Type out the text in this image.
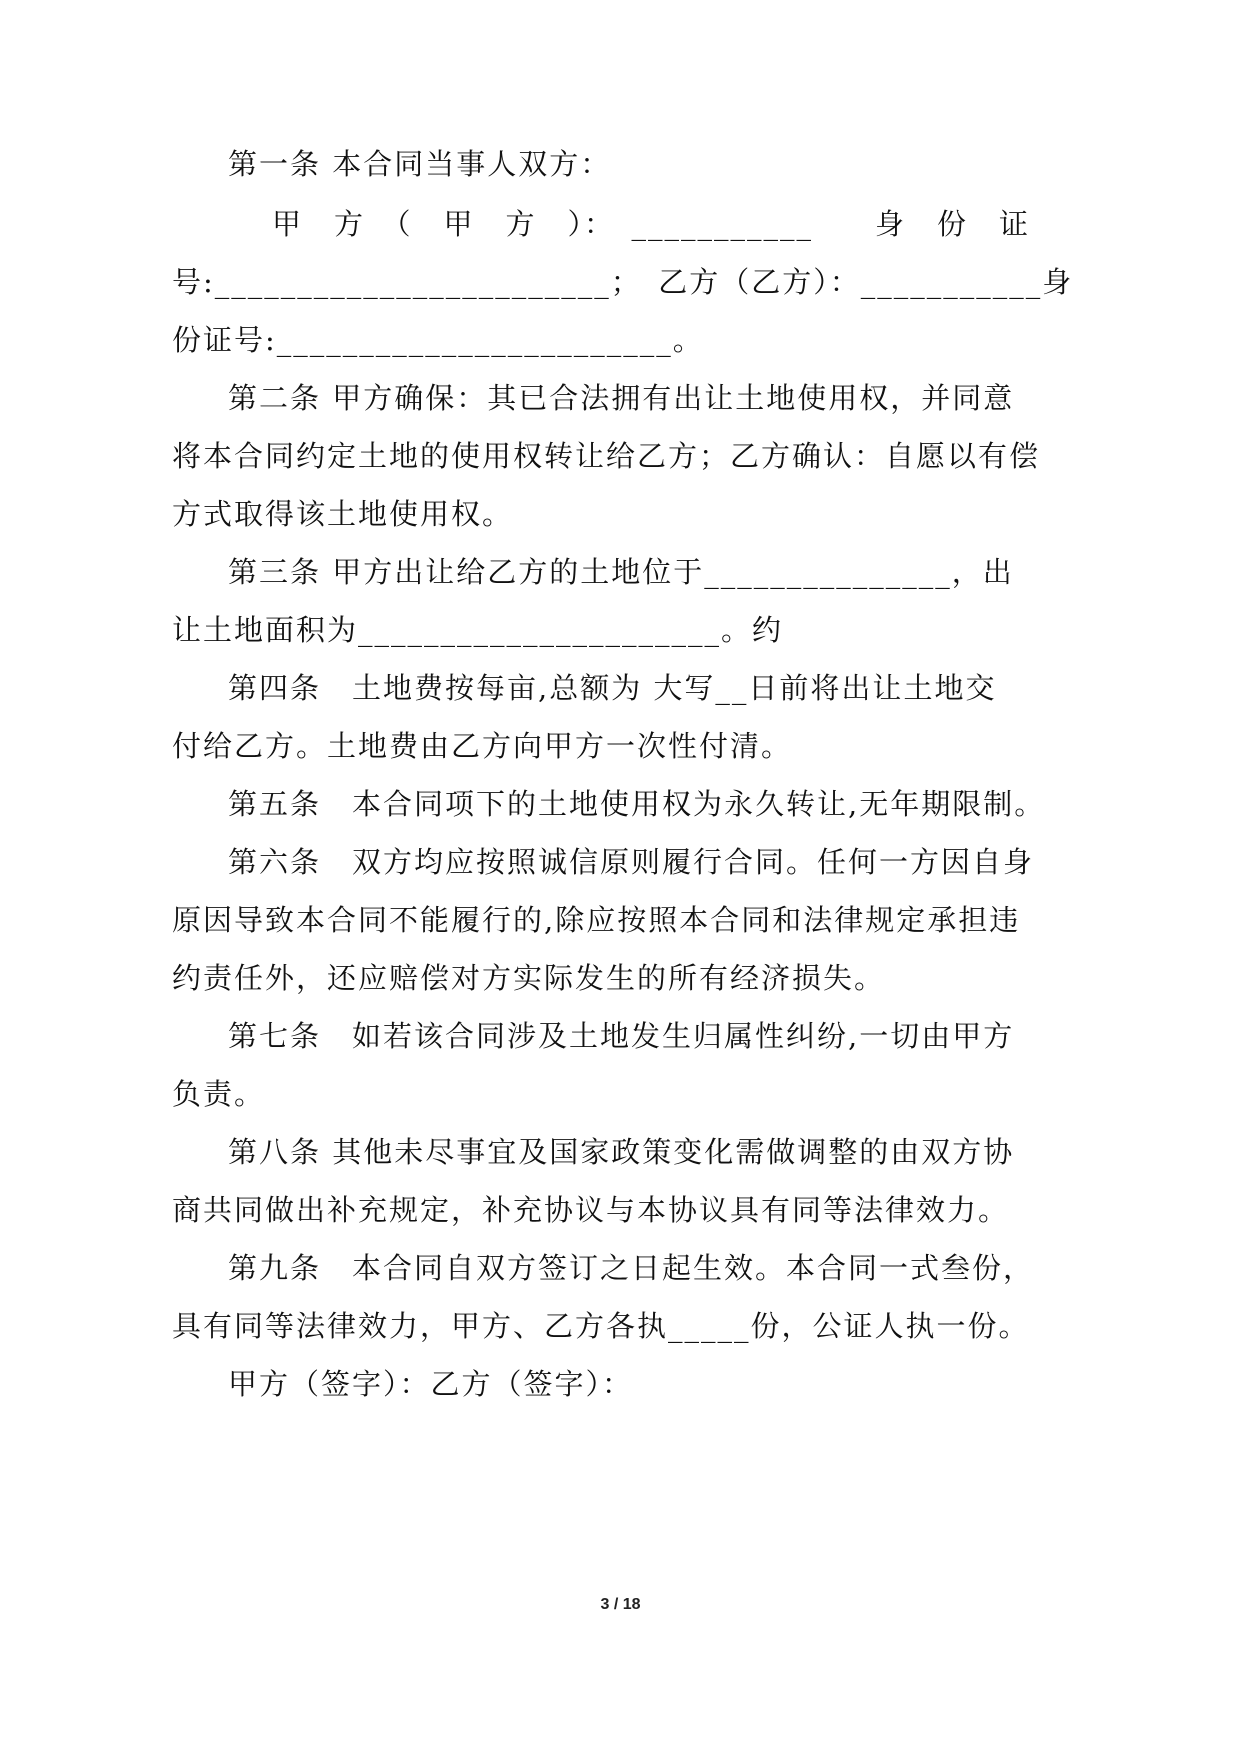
第一条 本合同当事人双方：
甲　方　（　甲　方　）：　___________　　身　份　证
号:________________________；　乙方（乙方）：___________身
份证号:________________________。
第二条 甲方确保：其已合法拥有出让土地使用权，并同意
将本合同约定土地的使用权转让给乙方；乙方确认：自愿以有偿
方式取得该土地使用权。
第三条 甲方出让给乙方的土地位于_______________，出
让土地面积为______________________。约
第四条　土地费按每亩,总额为 大写__日前将出让土地交
付给乙方。土地费由乙方向甲方一次性付清。
第五条　本合同项下的土地使用权为永久转让,无年期限制。
第六条　双方均应按照诚信原则履行合同。任何一方因自身
原因导致本合同不能履行的,除应按照本合同和法律规定承担违
约责任外，还应赔偿对方实际发生的所有经济损失。
第七条　如若该合同涉及土地发生归属性纠纷,一切由甲方
负责。
第八条 其他未尽事宜及国家政策变化需做调整的由双方协
商共同做出补充规定，补充协议与本协议具有同等法律效力。
第九条　本合同自双方签订之日起生效。本合同一式叁份，
具有同等法律效力，甲方、乙方各执_____份，公证人执一份。
甲方（签字）：乙方（签字）：
3 / 18
